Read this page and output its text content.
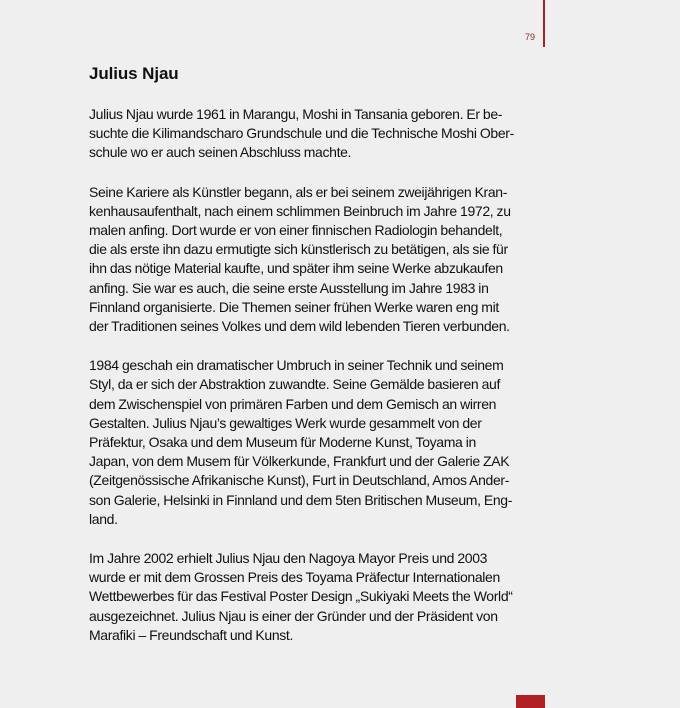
79
Julius Njau

Julius Njau wurde 1961 in Marangu, Moshi in Tansania geboren. Er be-
suchte die Kilimandscharo Grundschule und die Technische Moshi Ober-
schule wo er auch seinen Abschluss machte.

Seine Kariere als Künstler begann, als er bei seinem zweijährigen Kran-
kenhausaufenthalt, nach einem schlimmen Beinbruch im Jahre 1972, zu
malen anfing. Dort wurde er von einer finnischen Radiologin behandelt,
die als erste ihn dazu ermutigte sich künstlerisch zu betätigen, als sie für
ihn das nötige Material kaufte, und später ihm seine Werke abzukaufen
anfing. Sie war es auch, die seine erste Ausstellung im Jahre 1983 in
Finnland organisierte. Die Themen seiner frühen Werke waren eng mit
der Traditionen seines Volkes und dem wild lebenden Tieren verbunden.

1984 geschah ein dramatischer Umbruch in seiner Technik und seinem
Styl, da er sich der Abstraktion zuwandte. Seine Gemälde basieren auf
dem Zwischenspiel von primären Farben und dem Gemisch an wirren
Gestalten. Julius Njau’s gewaltiges Werk wurde gesammelt von der
Präfektur, Osaka und dem Museum für Moderne Kunst, Toyama in
Japan, von dem Musem für Völkerkunde, Frankfurt und der Galerie ZAK
(Zeitgenössische Afrikanische Kunst), Furt in Deutschland, Amos Ander-
son Galerie, Helsinki in Finnland und dem 5ten Britischen Museum, Eng-
land.

Im Jahre 2002 erhielt Julius Njau den Nagoya Mayor Preis und 2003
wurde er mit dem Grossen Preis des Toyama Präfectur Internationalen
Wettbewerbes für das Festival Poster Design „Sukiyaki Meets the World“
ausgezeichnet. Julius Njau is einer der Gründer und der Präsident von
Marafiki – Freundschaft und Kunst.
